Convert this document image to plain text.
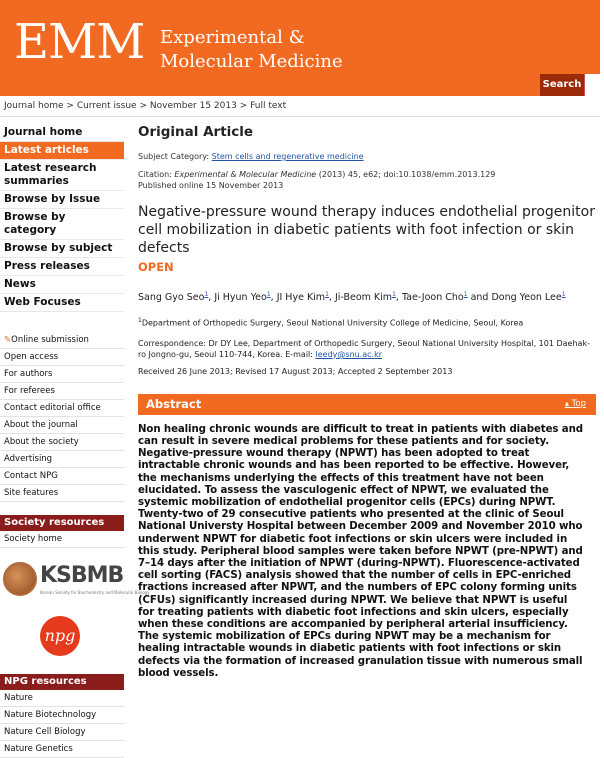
EMM Experimental &
Molecular Medicine
Search
Journal home > Current issue > November 15 2013 > Full text
Journal home
Latest articles
Latest research summaries
Browse by Issue
Browse by category
Browse by subject
Press releases
News
Web Focuses
✎Online submission
Open access
For authors
For referees
Contact editorial office
About the journal
About the society
Advertising
Contact NPG
Site features
Society resources
Society home
KSBMB
Korean Society for Biochemistry and Molecular Biology
npg
NPG resources
Nature
Nature Biotechnology
Nature Cell Biology
Nature Genetics
Original Article
Subject Category: Stem cells and regenerative medicine
Citation: Experimental & Molecular Medicine (2013) 45, e62; doi:10.1038/emm.2013.129
Published online 15 November 2013
Negative-pressure wound therapy induces endothelial progenitor cell mobilization in diabetic patients with foot infection or skin defects
OPEN
Sang Gyo Seo$^1$, Ji Hyun Yeo$^1$, JI Hye Kim$^1$, Ji-Beom Kim$^1$, Tae-Joon Cho$^1$ and Dong Yeon Lee$^1$
$^1$Department of Orthopedic Surgery, Seoul National University College of Medicine, Seoul, Korea
Correspondence: Dr DY Lee, Department of Orthopedic Surgery, Seoul National University Hospital, 101 Daehak-ro Jongno-gu, Seoul 110-744, Korea. E-mail: leedy@snu.ac.kr
Received 26 June 2013; Revised 17 August 2013; Accepted 2 September 2013
Abstract	▴ Top
Non healing chronic wounds are difficult to treat in patients with diabetes and can result in severe medical problems for these patients and for society. Negative-pressure wound therapy (NPWT) has been adopted to treat intractable chronic wounds and has been reported to be effective. However, the mechanisms underlying the effects of this treatment have not been elucidated. To assess the vasculogenic effect of NPWT, we evaluated the systemic mobilization of endothelial progenitor cells (EPCs) during NPWT. Twenty-two of 29 consecutive patients who presented at the clinic of Seoul National Universty Hospital between December 2009 and November 2010 who underwent NPWT for diabetic foot infections or skin ulcers were included in this study. Peripheral blood samples were taken before NPWT (pre-NPWT) and 7–14 days after the initiation of NPWT (during-NPWT). Fluorescence-activated cell sorting (FACS) analysis showed that the number of cells in EPC-enriched fractions increased after NPWT, and the numbers of EPC colony forming units (CFUs) significantly increased during NPWT. We believe that NPWT is useful for treating patients with diabetic foot infections and skin ulcers, especially when these conditions are accompanied by peripheral arterial insufficiency. The systemic mobilization of EPCs during NPWT may be a mechanism for healing intractable wounds in diabetic patients with foot infections or skin defects via the formation of increased granulation tissue with numerous small blood vessels.
